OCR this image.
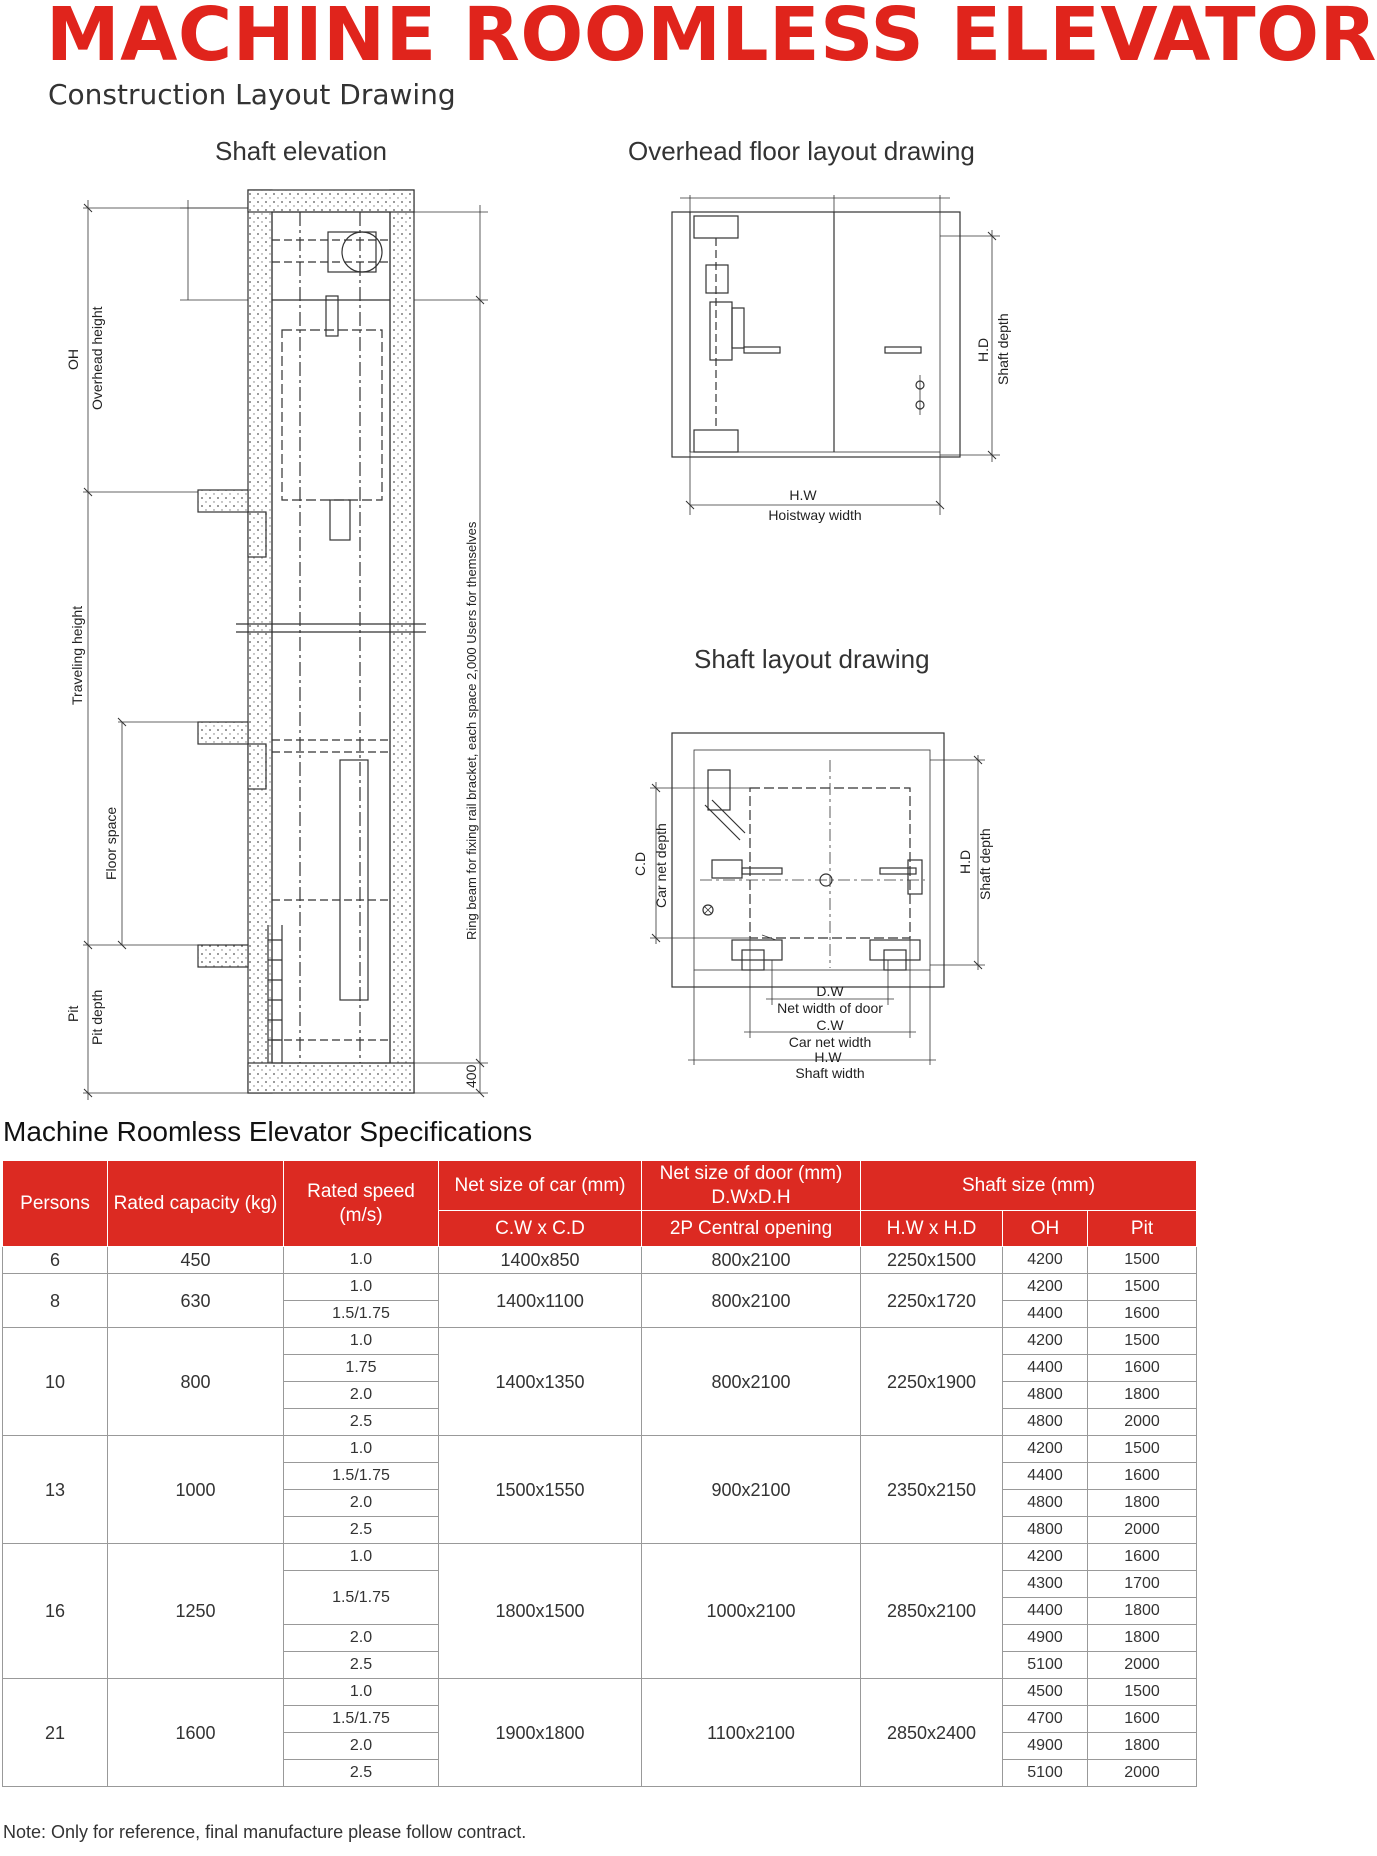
MACHINE ROOMLESS ELEVATOR
Construction Layout Drawing
Shaft elevation	Overhead floor layout drawing
Shaft layout drawing
OH Overhead height
Traveling height
Floor space
Pit Pit depth
Ring beam for fixing rail bracket, each space 2,000 Users for themselves
400
H.W
Hoistway width
H.D Shaft depth
C.D Car net depth	H.D Shaft depth
D.W
Net width of door
C.W
Car net width
H.W
Shaft width
Machine Roomless Elevator Specifications
Persons	Rated capacity (kg)	Rated speed (m/s)	Net size of car (mm)	Net size of door (mm) D.WxD.H	Shaft size (mm)		
			C.W x C.D	2P Central opening	H.W x H.D	OH	Pit
6	450	1.0	1400x850	800x2100	2250x1500	4200	1500
8	630	1.0	1400x1100	800x2100	2250x1720	4200	1500
		1.5/1.75				4400	1600
10	800	1.0	1400x1350	800x2100	2250x1900	4200	1500
		1.75				4400	1600
		2.0				4800	1800
		2.5				4800	2000
13	1000	1.0	1500x1550	900x2100	2350x2150	4200	1500
		1.5/1.75				4400	1600
		2.0				4800	1800
		2.5				4800	2000
16	1250	1.0	1800x1500	1000x2100	2850x2100	4200	1600
		1.5/1.75				4300	1700
						4400	1800
		2.0				4900	1800
		2.5				5100	2000
21	1600	1.0	1900x1800	1100x2100	2850x2400	4500	1500
		1.5/1.75				4700	1600
		2.0				4900	1800
		2.5				5100	2000
Note: Only for reference, final manufacture please follow contract.
